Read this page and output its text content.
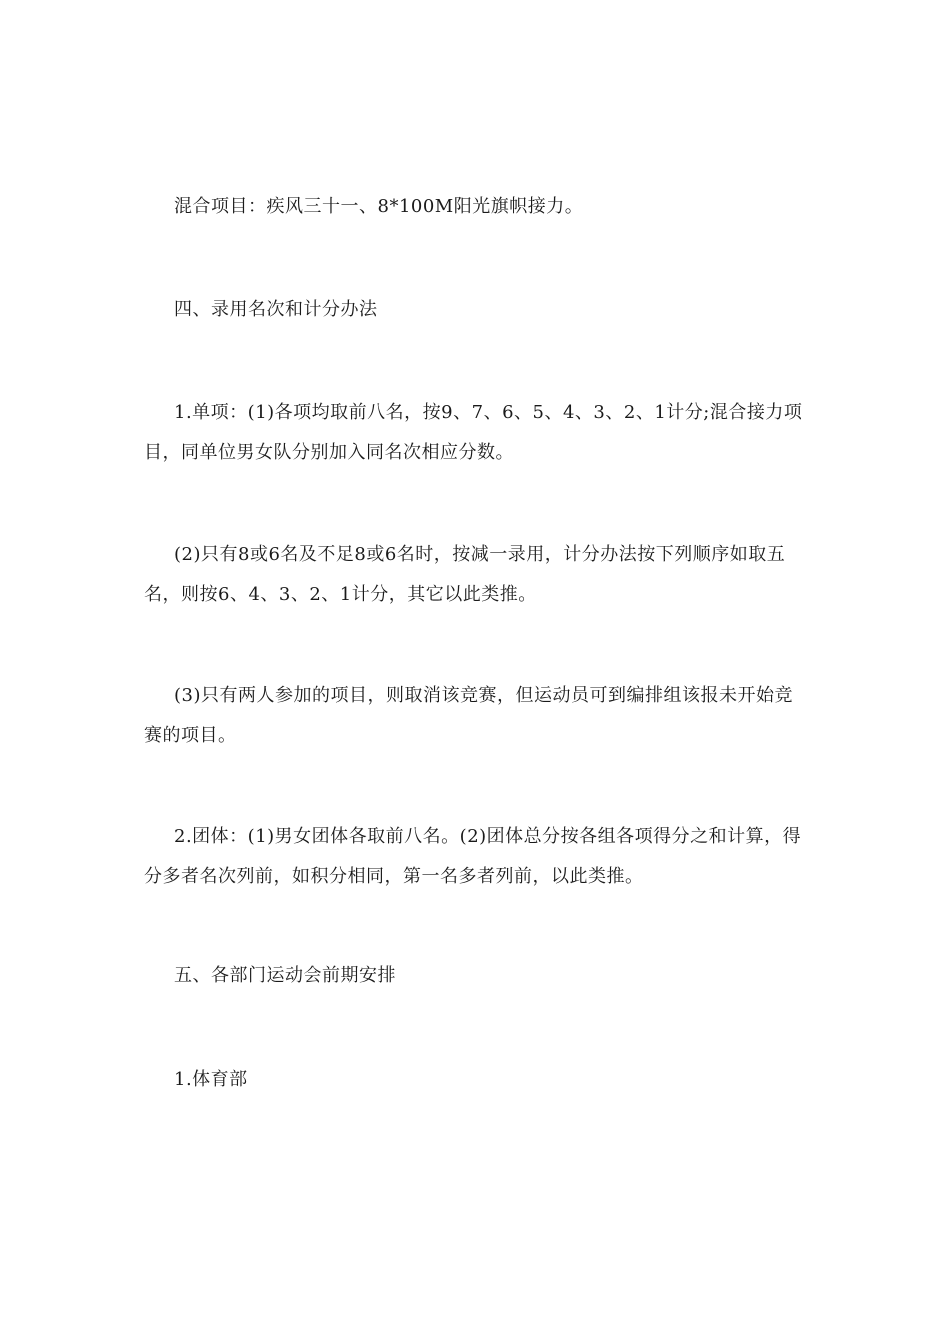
混合项目：疾风三十一、8*100M阳光旗帜接力。

四、录用名次和计分办法

1.单项：(1)各项均取前八名，按9、7、6、5、4、3、2、1计分;混合接力项目，同单位男女队分别加入同名次相应分数。

(2)只有8或6名及不足8或6名时，按减一录用，计分办法按下列顺序如取五名，则按6、4、3、2、1计分，其它以此类推。

(3)只有两人参加的项目，则取消该竞赛，但运动员可到编排组该报未开始竞赛的项目。

2.团体：(1)男女团体各取前八名。(2)团体总分按各组各项得分之和计算，得分多者名次列前，如积分相同，第一名多者列前，以此类推。

五、各部门运动会前期安排

1.体育部
